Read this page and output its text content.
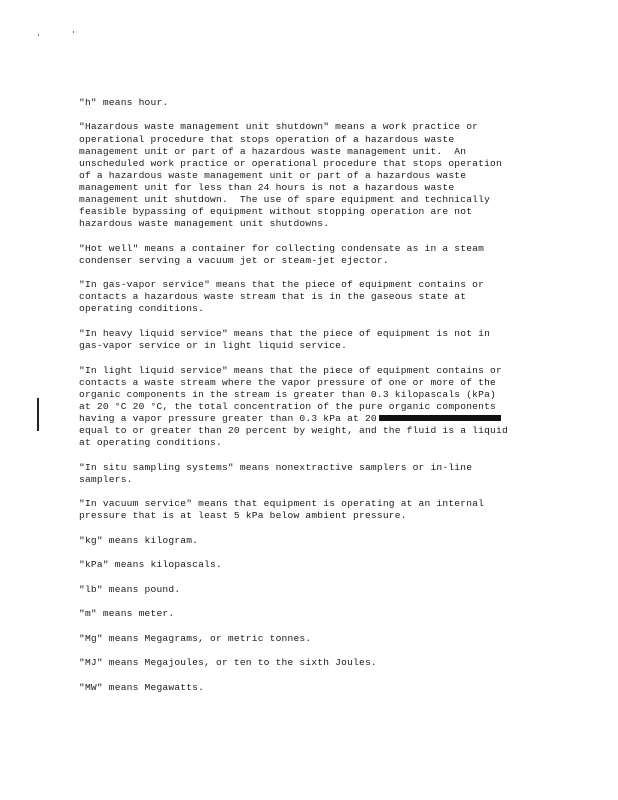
"h" means hour.

"Hazardous waste management unit shutdown" means a work practice or
operational procedure that stops operation of a hazardous waste
management unit or part of a hazardous waste management unit.  An
unscheduled work practice or operational procedure that stops operation
of a hazardous waste management unit or part of a hazardous waste
management unit for less than 24 hours is not a hazardous waste
management unit shutdown.  The use of spare equipment and technically
feasible bypassing of equipment without stopping operation are not
hazardous waste management unit shutdowns.

"Hot well" means a container for collecting condensate as in a steam
condenser serving a vacuum jet or steam-jet ejector.

"In gas-vapor service" means that the piece of equipment contains or
contacts a hazardous waste stream that is in the gaseous state at
operating conditions.

"In heavy liquid service" means that the piece of equipment is not in
gas-vapor service or in light liquid service.

"In light liquid service" means that the piece of equipment contains or
contacts a waste stream where the vapor pressure of one or more of the
organic components in the stream is greater than 0.3 kilopascals (kPa)
at 20 °C 20 °C, the total concentration of the pure organic components
having a vapor pressure greater than 0.3 kPa at 20
equal to or greater than 20 percent by weight, and the fluid is a liquid
at operating conditions.

"In situ sampling systems" means nonextractive samplers or in-line
samplers.

"In vacuum service" means that equipment is operating at an internal
pressure that is at least 5 kPa below ambient pressure.

"kg" means kilogram.

"kPa" means kilopascals.

"lb" means pound.

"m" means meter.

"Mg" means Megagrams, or metric tonnes.

"MJ" means Megajoules, or ten to the sixth Joules.

"MW" means Megawatts.
